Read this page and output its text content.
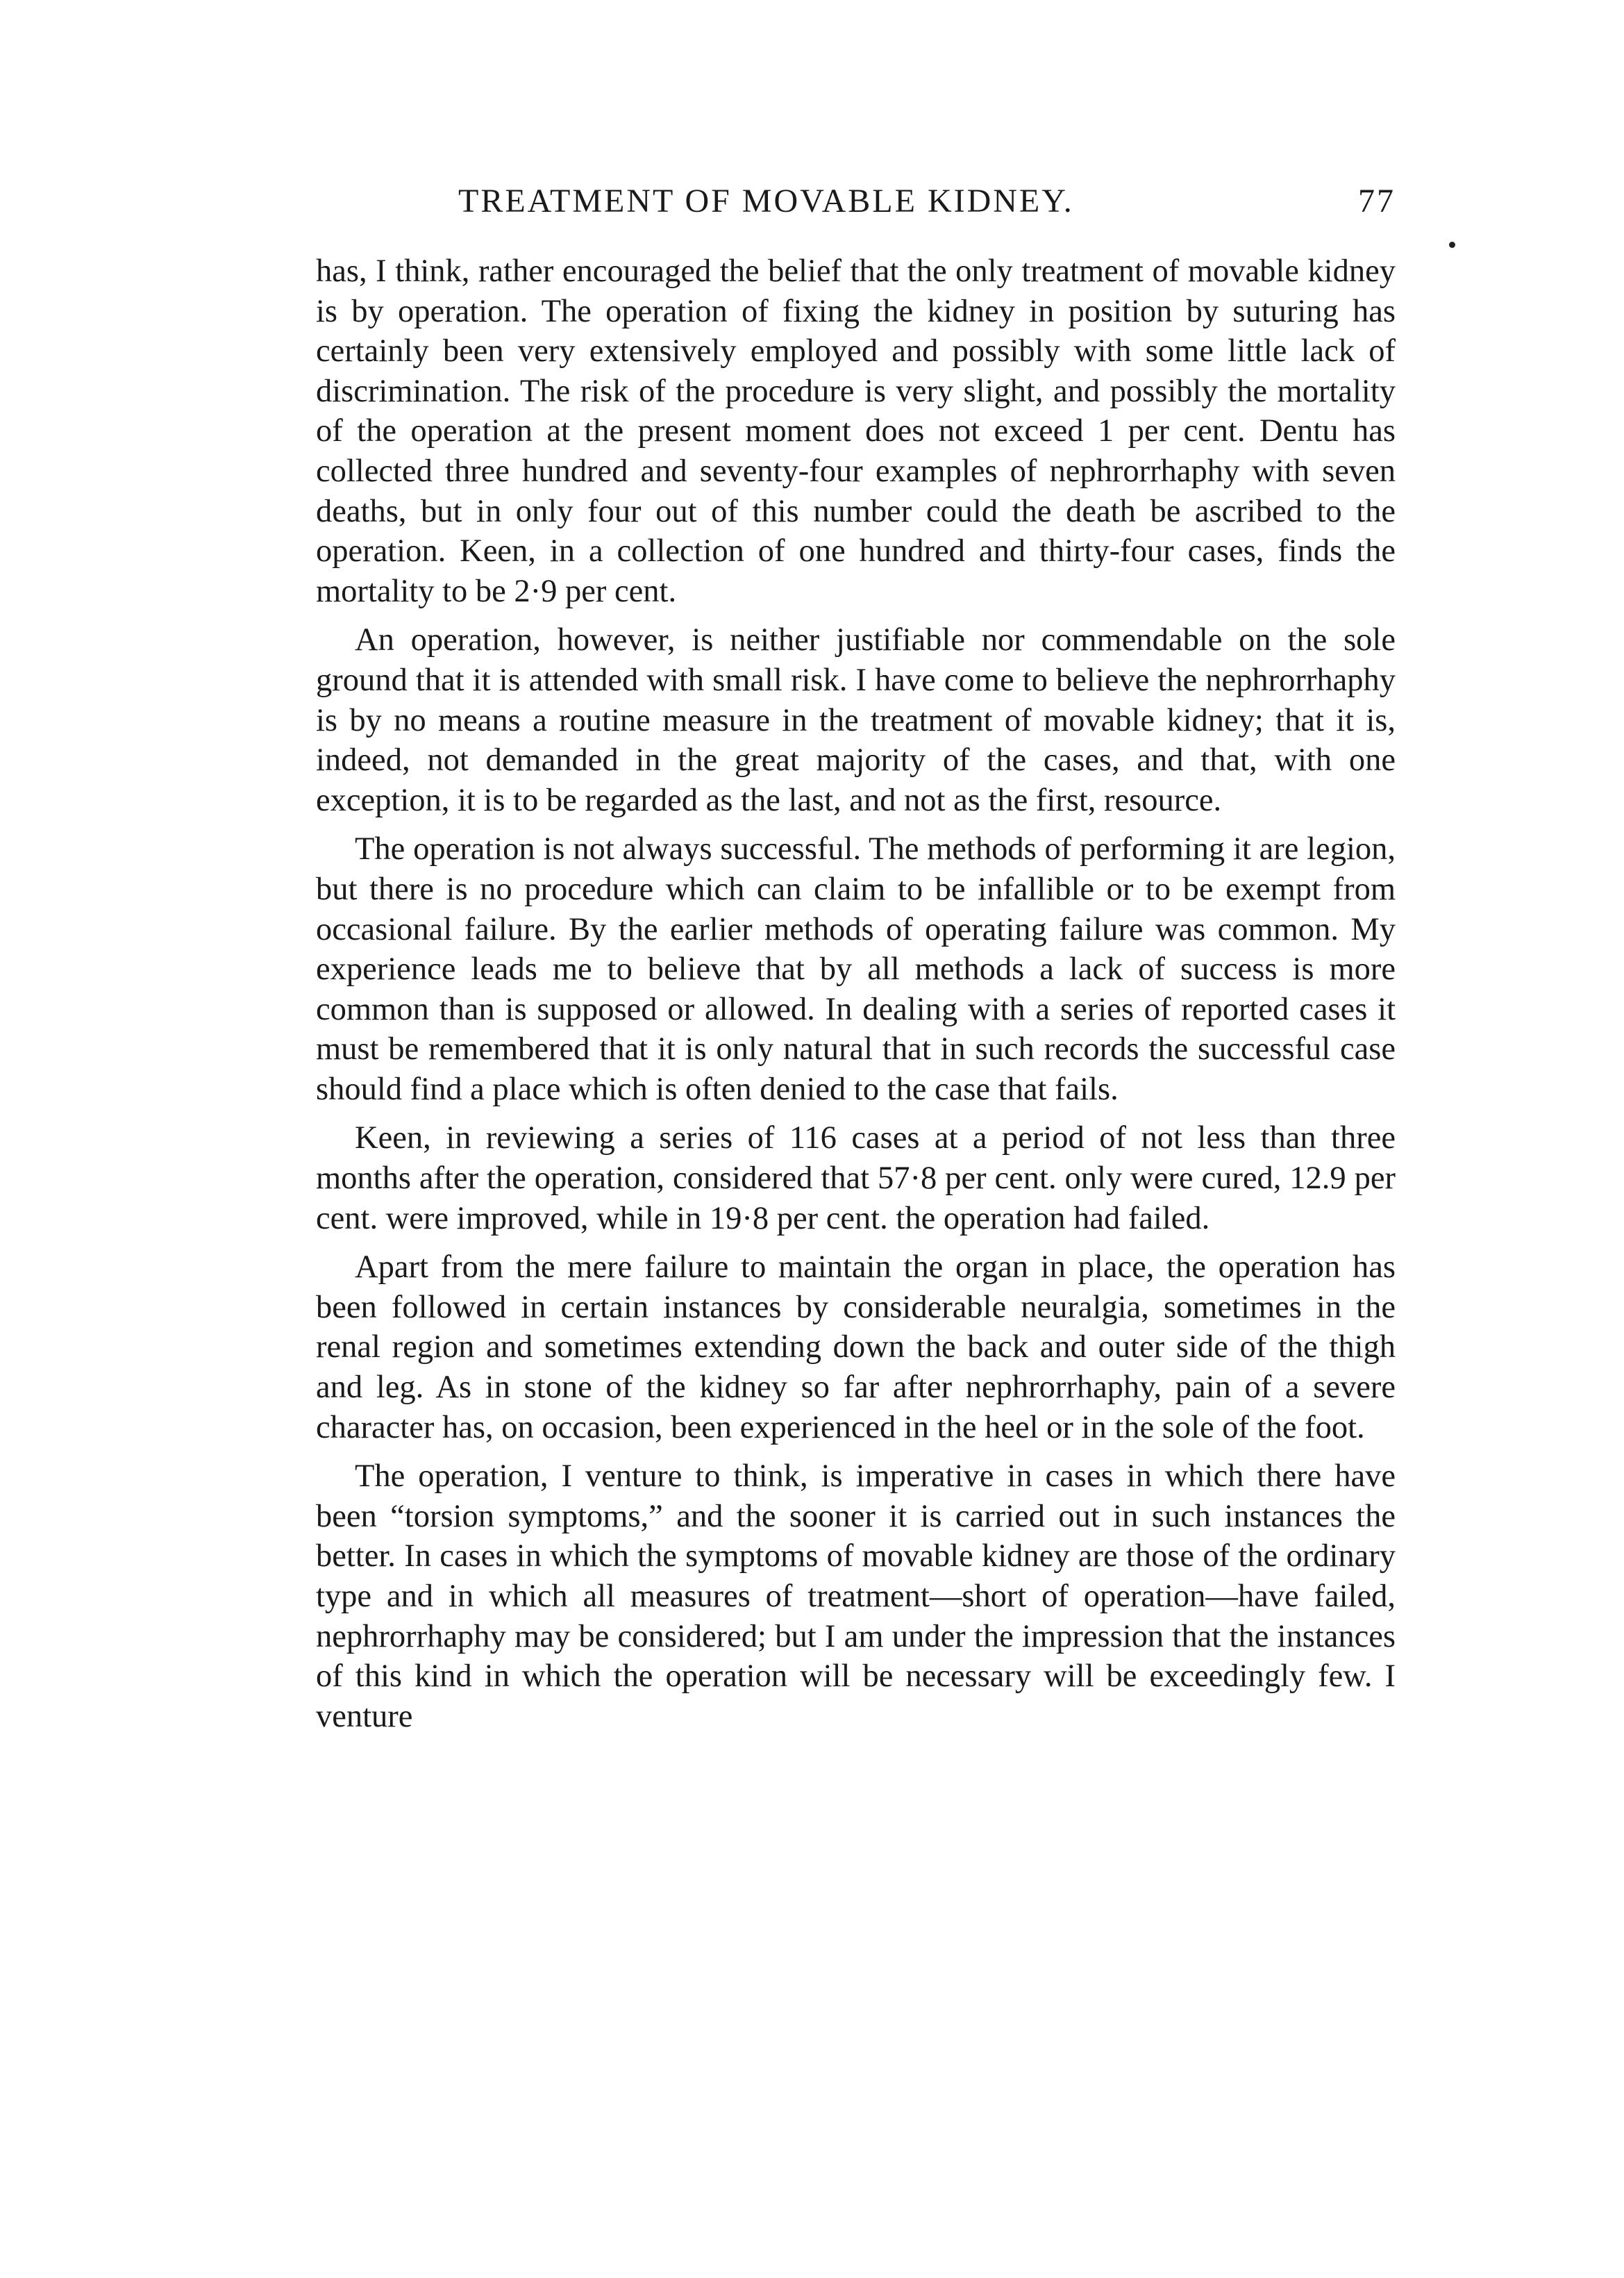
TREATMENT OF MOVABLE KIDNEY.	77

has, I think, rather encouraged the belief that the only treatment of movable kidney is by operation. The operation of fixing the kidney in position by suturing has certainly been very extensively employed and possibly with some little lack of discrimination. The risk of the procedure is very slight, and possibly the mortality of the operation at the present moment does not exceed 1 per cent. Dentu has collected three hundred and seventy-four examples of nephrorrhaphy with seven deaths, but in only four out of this number could the death be ascribed to the operation. Keen, in a collection of one hundred and thirty-four cases, finds the mortality to be 2·9 per cent.

An operation, however, is neither justifiable nor commendable on the sole ground that it is attended with small risk. I have come to believe the nephrorrhaphy is by no means a routine measure in the treatment of movable kidney; that it is, indeed, not demanded in the great majority of the cases, and that, with one exception, it is to be regarded as the last, and not as the first, resource.

The operation is not always successful. The methods of performing it are legion, but there is no procedure which can claim to be infallible or to be exempt from occasional failure. By the earlier methods of operating failure was common. My experience leads me to believe that by all methods a lack of success is more common than is supposed or allowed. In dealing with a series of reported cases it must be remembered that it is only natural that in such records the successful case should find a place which is often denied to the case that fails.

Keen, in reviewing a series of 116 cases at a period of not less than three months after the operation, considered that 57·8 per cent. only were cured, 12.9 per cent. were improved, while in 19·8 per cent. the operation had failed.

Apart from the mere failure to maintain the organ in place, the operation has been followed in certain instances by considerable neuralgia, sometimes in the renal region and sometimes extending down the back and outer side of the thigh and leg. As in stone of the kidney so far after nephrorrhaphy, pain of a severe character has, on occasion, been experienced in the heel or in the sole of the foot.

The operation, I venture to think, is imperative in cases in which there have been “torsion symptoms,” and the sooner it is carried out in such instances the better. In cases in which the symptoms of movable kidney are those of the ordinary type and in which all measures of treatment—short of operation—have failed, nephrorrhaphy may be considered; but I am under the impression that the instances of this kind in which the operation will be necessary will be exceedingly few. I venture
